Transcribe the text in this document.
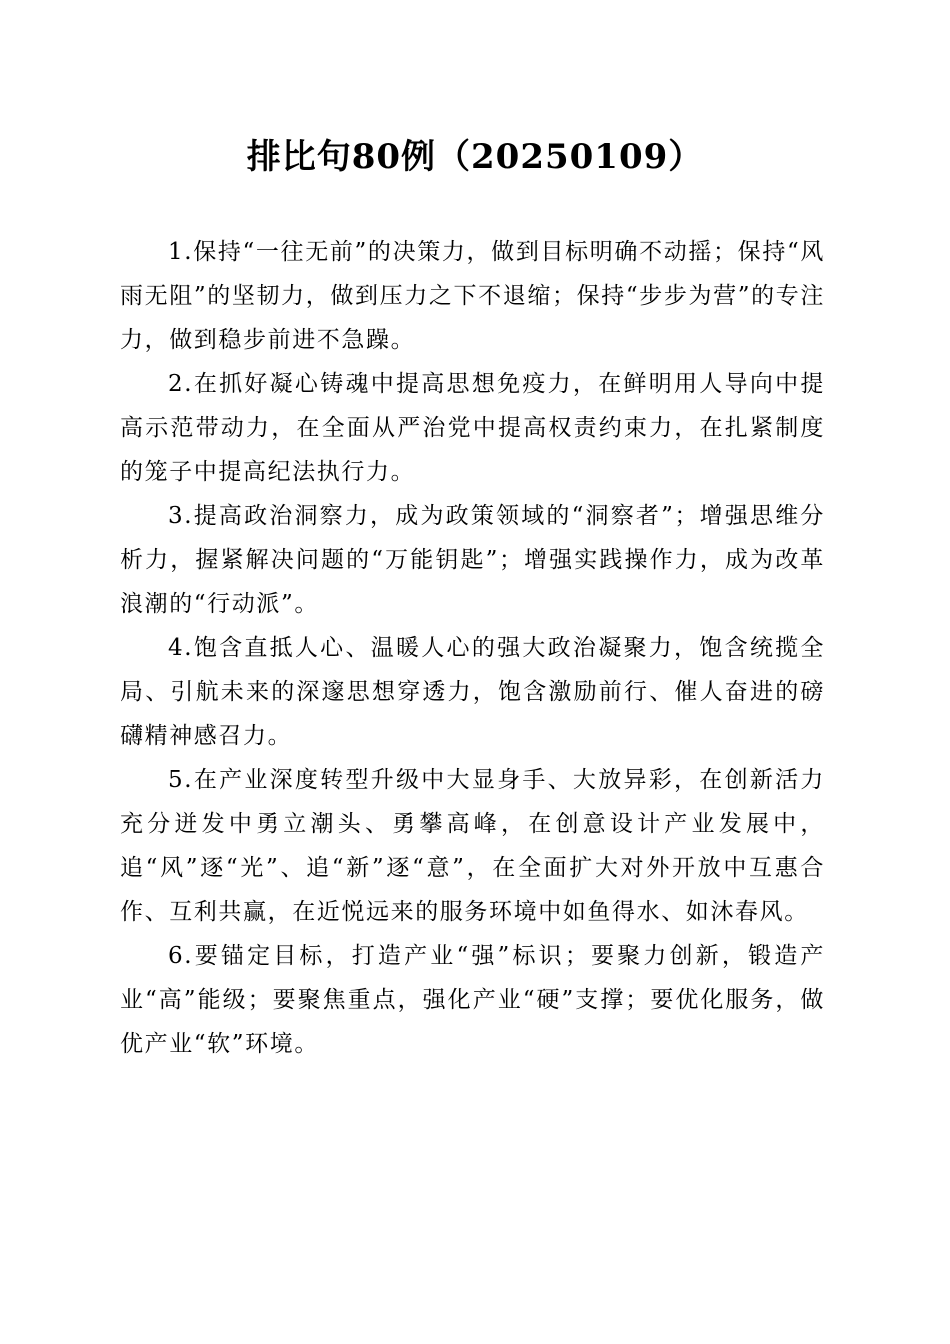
排比句80例（20250109）

1.保持“一往无前”的决策力，做到目标明确不动摇；保持“风雨无阻”的坚韧力，做到压力之下不退缩；保持“步步为营”的专注力，做到稳步前进不急躁。

2.在抓好凝心铸魂中提高思想免疫力，在鲜明用人导向中提高示范带动力，在全面从严治党中提高权责约束力，在扎紧制度的笼子中提高纪法执行力。

3.提高政治洞察力，成为政策领域的“洞察者”；增强思维分析力，握紧解决问题的“万能钥匙”；增强实践操作力，成为改革浪潮的“行动派”。

4.饱含直抵人心、温暖人心的强大政治凝聚力，饱含统揽全局、引航未来的深邃思想穿透力，饱含激励前行、催人奋进的磅礴精神感召力。

5.在产业深度转型升级中大显身手、大放异彩，在创新活力充分迸发中勇立潮头、勇攀高峰，在创意设计产业发展中，追“风”逐“光”、追“新”逐“意”，在全面扩大对外开放中互惠合作、互利共赢，在近悦远来的服务环境中如鱼得水、如沐春风。

6.要锚定目标，打造产业“强”标识；要聚力创新，锻造产业“高”能级；要聚焦重点，强化产业“硬”支撑；要优化服务，做优产业“软”环境。
